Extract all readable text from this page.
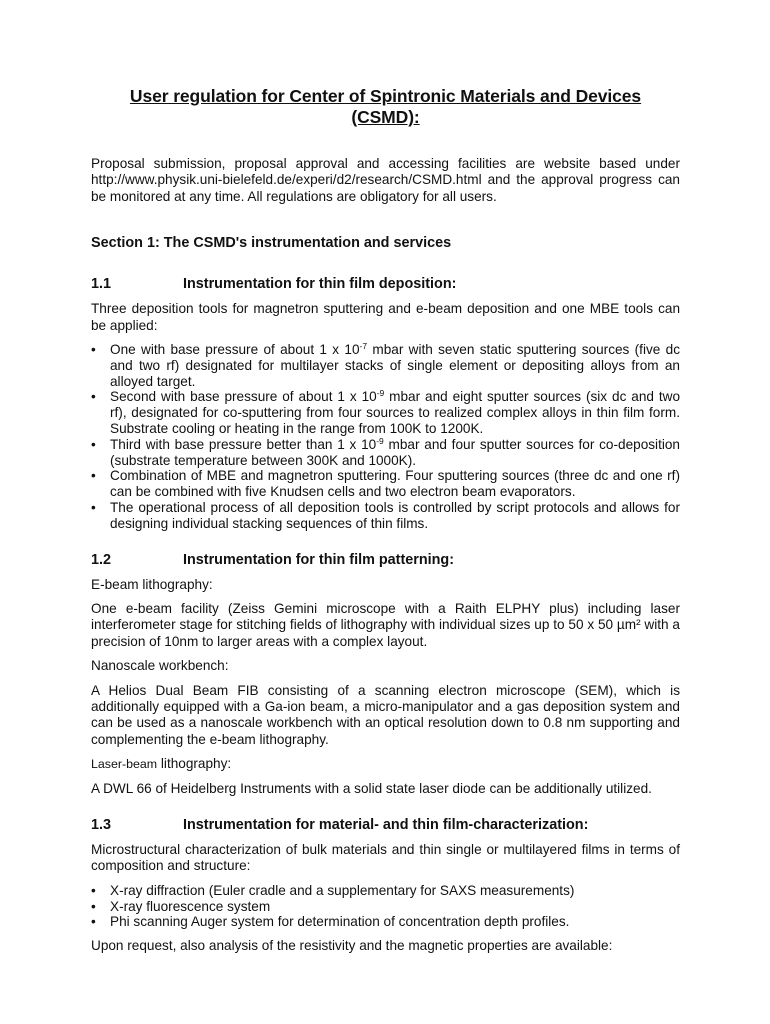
User regulation for Center of Spintronic Materials and Devices
(CSMD):

Proposal submission, proposal approval and accessing facilities are website based under http://www.physik.uni-bielefeld.de/experi/d2/research/CSMD.html and the approval progress can be monitored at any time. All regulations are obligatory for all users.

Section 1: The CSMD's instrumentation and services
1.1	Instrumentation for thin film deposition:

Three deposition tools for magnetron sputtering and e-beam deposition and one MBE tools can be applied:

•	One with base pressure of about 1 x $10^{-7}$ mbar with seven static sputtering sources (five dc and two rf) designated for multilayer stacks of single element or depositing alloys from an alloyed target.
•	Second with base pressure of about 1 x $10^{-9}$ mbar and eight sputter sources (six dc and two rf), designated for co-sputtering from four sources to realized complex alloys in thin film form. Substrate cooling or heating in the range from 100K to 1200K.
•	Third with base pressure better than 1 x $10^{-9}$ mbar and four sputter sources for co-deposition (substrate temperature between 300K and 1000K).
•	Combination of MBE and magnetron sputtering. Four sputtering sources (three dc and one rf) can be combined with five Knudsen cells and two electron beam evaporators.
•	The operational process of all deposition tools is controlled by script protocols and allows for designing individual stacking sequences of thin films.
1.2	Instrumentation for thin film patterning:

E-beam lithography:

One e-beam facility (Zeiss Gemini microscope with a Raith ELPHY plus) including laser interferometer stage for stitching fields of lithography with individual sizes up to 50 x 50 µm² with a precision of 10nm to larger areas with a complex layout.

Nanoscale workbench:

A Helios Dual Beam FIB consisting of a scanning electron microscope (SEM), which is additionally equipped with a Ga-ion beam, a micro-manipulator and a gas deposition system and can be used as a nanoscale workbench with an optical resolution down to 0.8 nm supporting and complementing the e-beam lithography.

Laser-beam lithography:

A DWL 66 of Heidelberg Instruments with a solid state laser diode can be additionally utilized.

1.3	Instrumentation for material- and thin film-characterization:

Microstructural characterization of bulk materials and thin single or multilayered films in terms of composition and structure:

•	X-ray diffraction (Euler cradle and a supplementary for SAXS measurements)
•	X-ray fluorescence system
•	Phi scanning Auger system for determination of concentration depth profiles.

Upon request, also analysis of the resistivity and the magnetic properties are available:
